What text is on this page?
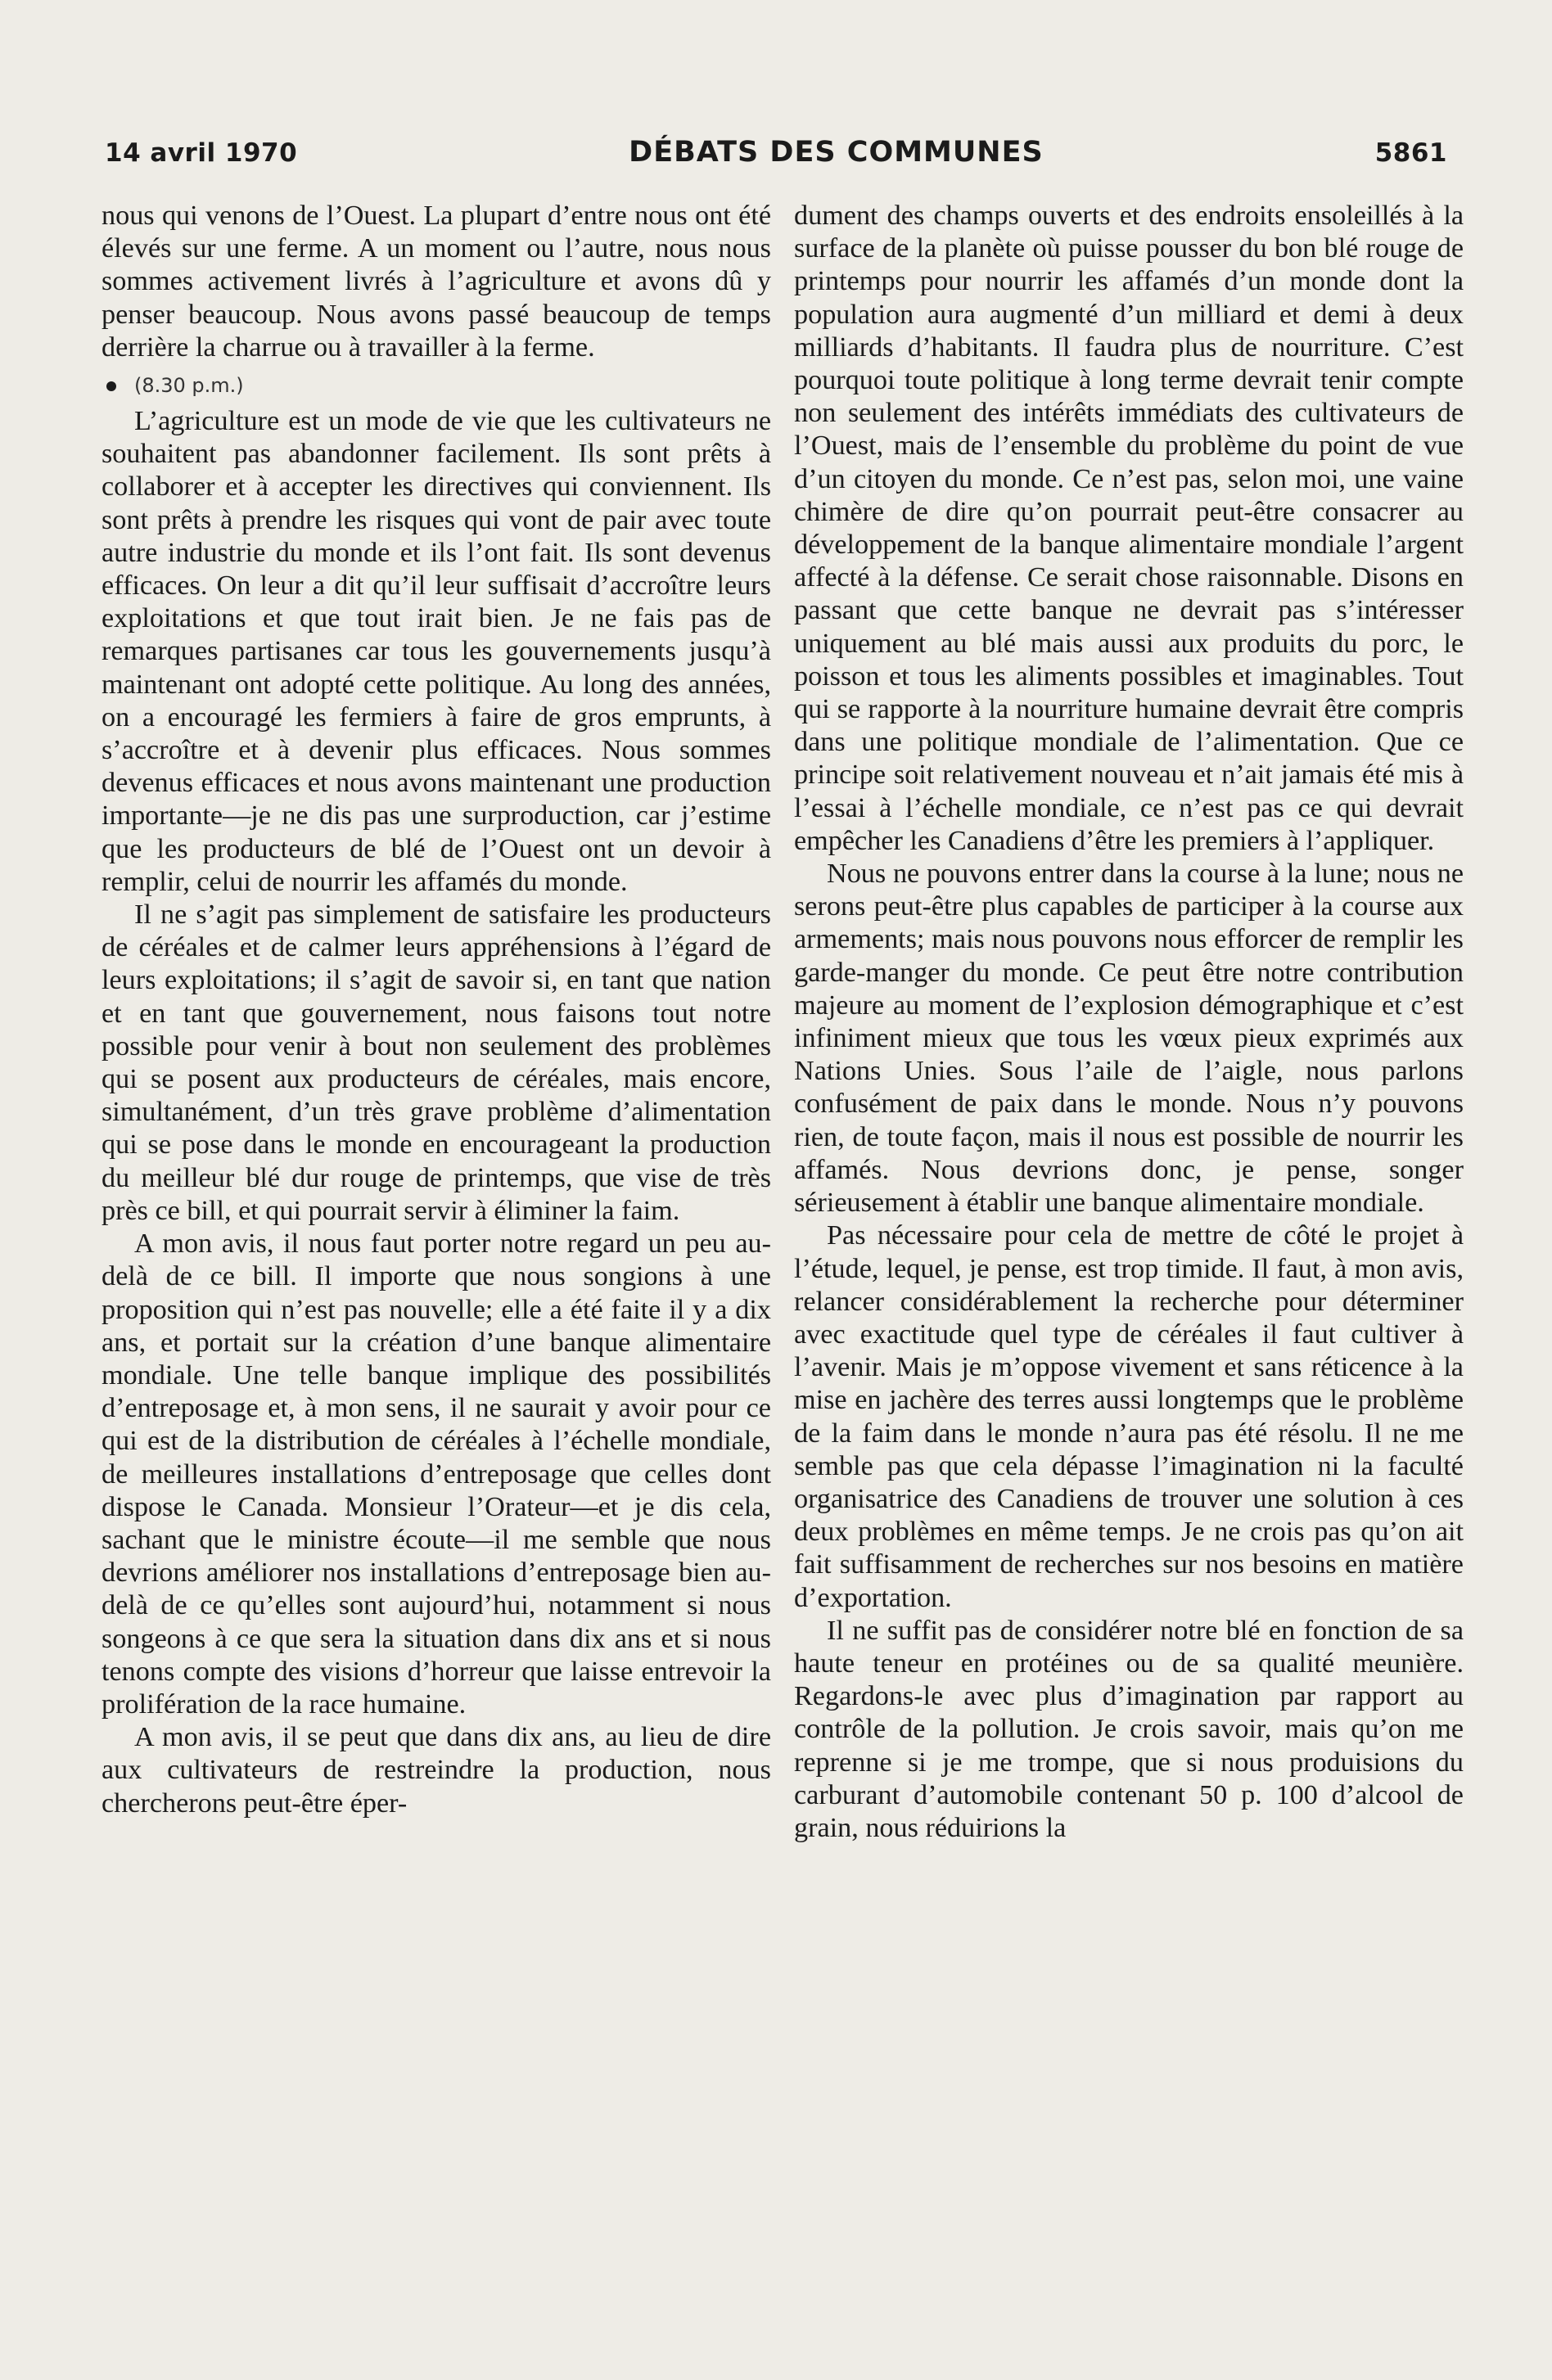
14 avril 1970	DÉBATS DES COMMUNES	5861

nous qui venons de l’Ouest. La plupart d’entre nous ont été élevés sur une ferme. A un moment ou l’autre, nous nous sommes activement livrés à l’agriculture et avons dû y penser beaucoup. Nous avons passé beaucoup de temps derrière la charrue ou à travailler à la ferme.

(8.30 p.m.)

L’agriculture est un mode de vie que les cultivateurs ne souhaitent pas abandonner facilement. Ils sont prêts à collaborer et à accepter les directives qui conviennent. Ils sont prêts à prendre les risques qui vont de pair avec toute autre industrie du monde et ils l’ont fait. Ils sont devenus efficaces. On leur a dit qu’il leur suffisait d’accroître leurs exploitations et que tout irait bien. Je ne fais pas de remarques partisanes car tous les gouvernements jusqu’à maintenant ont adopté cette politique. Au long des années, on a encouragé les fermiers à faire de gros emprunts, à s’accroître et à devenir plus efficaces. Nous sommes devenus efficaces et nous avons maintenant une production importante—je ne dis pas une surproduction, car j’estime que les producteurs de blé de l’Ouest ont un devoir à remplir, celui de nourrir les affamés du monde.

Il ne s’agit pas simplement de satisfaire les producteurs de céréales et de calmer leurs appréhensions à l’égard de leurs exploitations; il s’agit de savoir si, en tant que nation et en tant que gouvernement, nous faisons tout notre possible pour venir à bout non seulement des problèmes qui se posent aux producteurs de céréales, mais encore, simultanément, d’un très grave problème d’alimentation qui se pose dans le monde en encourageant la production du meilleur blé dur rouge de printemps, que vise de très près ce bill, et qui pourrait servir à éliminer la faim.

A mon avis, il nous faut porter notre regard un peu au-delà de ce bill. Il importe que nous songions à une proposition qui n’est pas nouvelle; elle a été faite il y a dix ans, et portait sur la création d’une banque alimentaire mondiale. Une telle banque implique des possibilités d’entreposage et, à mon sens, il ne saurait y avoir pour ce qui est de la distribution de céréales à l’échelle mondiale, de meilleures installations d’entreposage que celles dont dispose le Canada. Monsieur l’Orateur—et je dis cela, sachant que le ministre écoute—il me semble que nous devrions améliorer nos installations d’entreposage bien au-delà de ce qu’elles sont aujourd’hui, notamment si nous songeons à ce que sera la situation dans dix ans et si nous tenons compte des visions d’horreur que laisse entrevoir la prolifération de la race humaine.

A mon avis, il se peut que dans dix ans, au lieu de dire aux cultivateurs de restreindre la production, nous chercherons peut-être éper-

dument des champs ouverts et des endroits ensoleillés à la surface de la planète où puisse pousser du bon blé rouge de printemps pour nourrir les affamés d’un monde dont la population aura augmenté d’un milliard et demi à deux milliards d’habitants. Il faudra plus de nourriture. C’est pourquoi toute politique à long terme devrait tenir compte non seulement des intérêts immédiats des cultivateurs de l’Ouest, mais de l’ensemble du problème du point de vue d’un citoyen du monde. Ce n’est pas, selon moi, une vaine chimère de dire qu’on pourrait peut-être consacrer au développement de la banque alimentaire mondiale l’argent affecté à la défense. Ce serait chose raisonnable. Disons en passant que cette banque ne devrait pas s’intéresser uniquement au blé mais aussi aux produits du porc, le poisson et tous les aliments possibles et imaginables. Tout qui se rapporte à la nourriture humaine devrait être compris dans une politique mondiale de l’alimentation. Que ce principe soit relativement nouveau et n’ait jamais été mis à l’essai à l’échelle mondiale, ce n’est pas ce qui devrait empêcher les Canadiens d’être les premiers à l’appliquer.

Nous ne pouvons entrer dans la course à la lune; nous ne serons peut-être plus capables de participer à la course aux armements; mais nous pouvons nous efforcer de remplir les garde-manger du monde. Ce peut être notre contribution majeure au moment de l’explosion démographique et c’est infiniment mieux que tous les vœux pieux exprimés aux Nations Unies. Sous l’aile de l’aigle, nous parlons confusément de paix dans le monde. Nous n’y pouvons rien, de toute façon, mais il nous est possible de nourrir les affamés. Nous devrions donc, je pense, songer sérieusement à établir une banque alimentaire mondiale.

Pas nécessaire pour cela de mettre de côté le projet à l’étude, lequel, je pense, est trop timide. Il faut, à mon avis, relancer considérablement la recherche pour déterminer avec exactitude quel type de céréales il faut cultiver à l’avenir. Mais je m’oppose vivement et sans réticence à la mise en jachère des terres aussi longtemps que le problème de la faim dans le monde n’aura pas été résolu. Il ne me semble pas que cela dépasse l’imagination ni la faculté organisatrice des Canadiens de trouver une solution à ces deux problèmes en même temps. Je ne crois pas qu’on ait fait suffisamment de recherches sur nos besoins en matière d’exportation.

Il ne suffit pas de considérer notre blé en fonction de sa haute teneur en protéines ou de sa qualité meunière. Regardons-le avec plus d’imagination par rapport au contrôle de la pollution. Je crois savoir, mais qu’on me reprenne si je me trompe, que si nous produisions du carburant d’automobile contenant 50 p. 100 d’alcool de grain, nous réduirions la
